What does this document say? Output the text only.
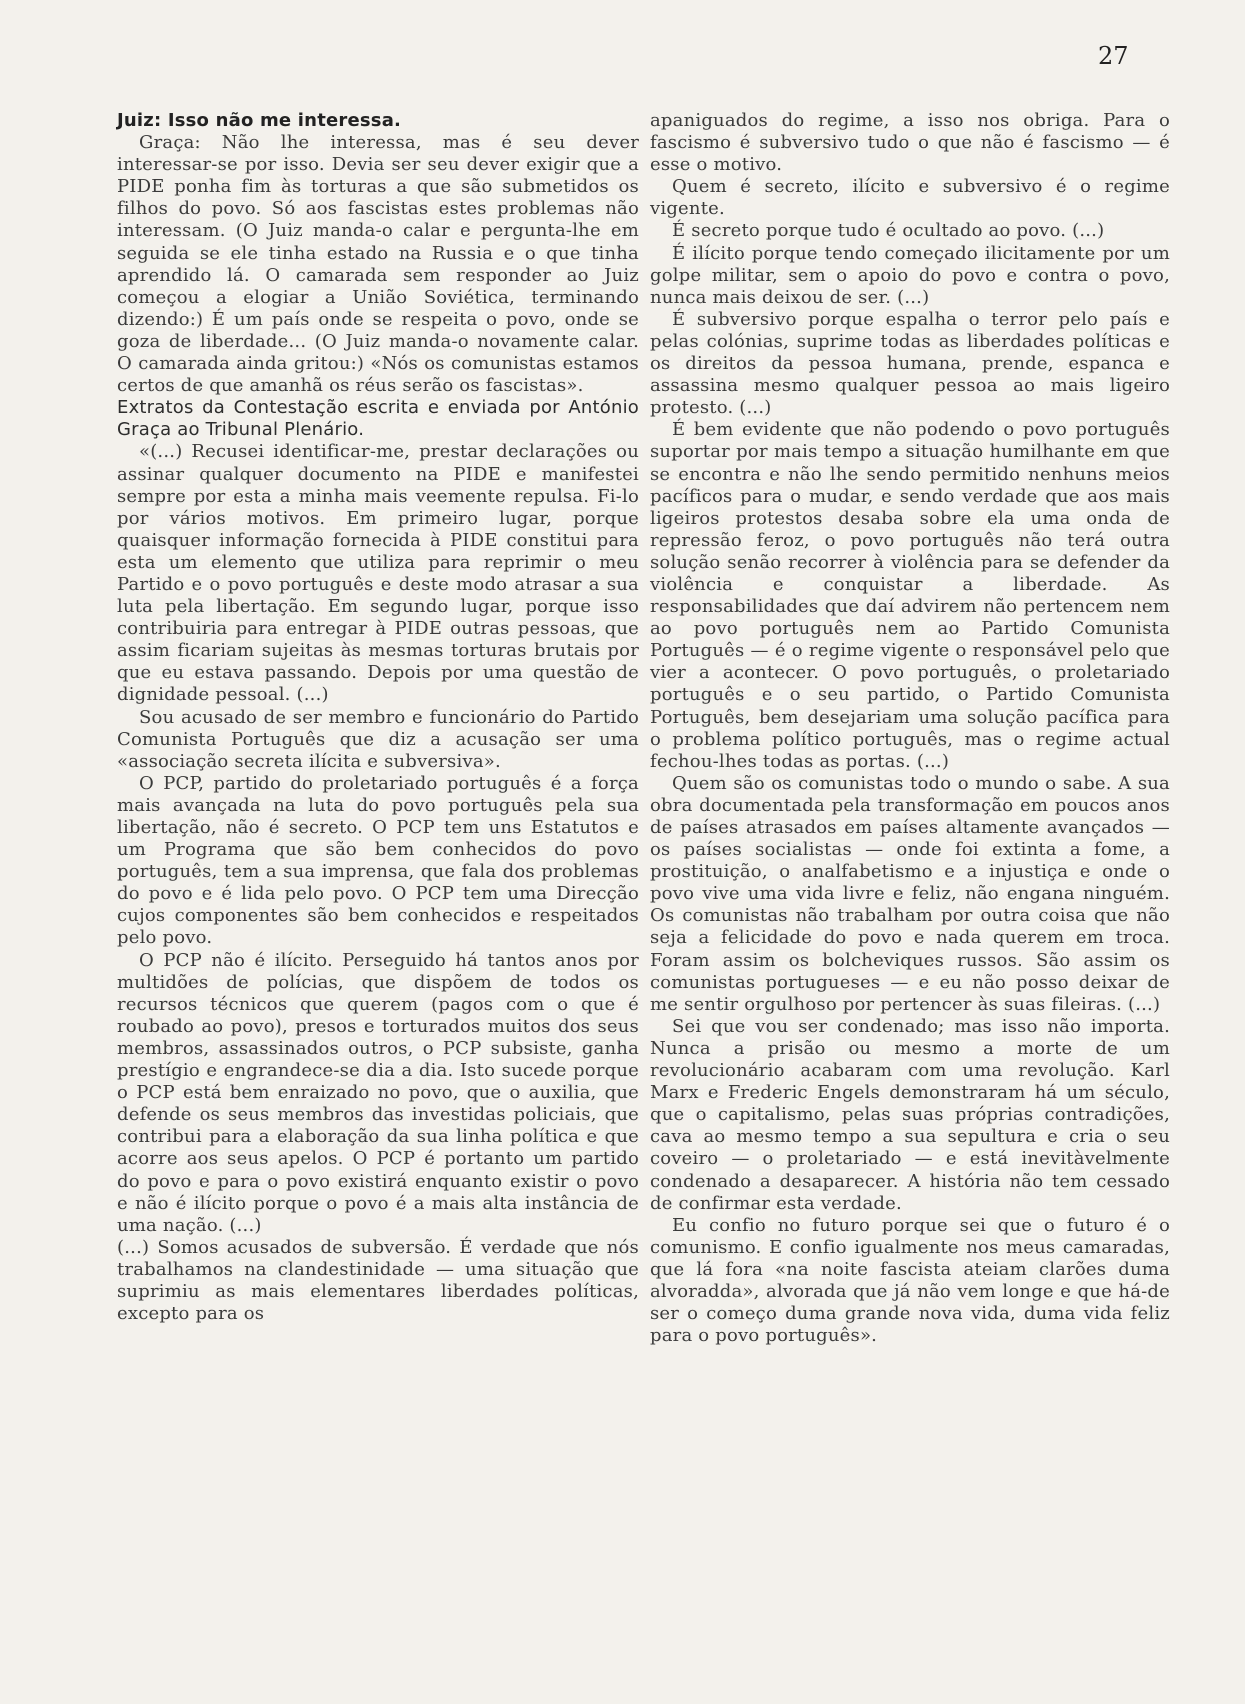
27

Juiz: Isso não me interessa.

Graça: Não lhe interessa, mas é seu dever interessar-se por isso. Devia ser seu dever exigir que a PIDE ponha fim às torturas a que são submetidos os filhos do povo. Só aos fascistas estes problemas não interessam. (O Juiz manda-o calar e pergunta-lhe em seguida se ele tinha estado na Russia e o que tinha aprendido lá. O camarada sem responder ao Juiz começou a elogiar a União Soviética, terminando dizendo:) É um país onde se respeita o povo, onde se goza de liberdade... (O Juiz manda-o novamente calar. O camarada ainda gritou:) «Nós os comunistas estamos certos de que amanhã os réus serão os fascistas».

Extratos da Contestação escrita e enviada por António Graça ao Tribunal Plenário.

«(...) Recusei identificar-me, prestar declarações ou assinar qualquer documento na PIDE e manifestei sempre por esta a minha mais veemente repulsa. Fi-lo por vários motivos. Em primeiro lugar, porque quaisquer informação fornecida à PIDE constitui para esta um elemento que utiliza para reprimir o meu Partido e o povo português e deste modo atrasar a sua luta pela libertação. Em segundo lugar, porque isso contribuiria para entregar à PIDE outras pessoas, que assim ficariam sujeitas às mesmas torturas brutais por que eu estava passando. Depois por uma questão de dignidade pessoal. (...)

Sou acusado de ser membro e funcionário do Partido Comunista Português que diz a acusação ser uma «associação secreta ilícita e subversiva».

O PCP, partido do proletariado português é a força mais avançada na luta do povo português pela sua libertação, não é secreto. O PCP tem uns Estatutos e um Programa que são bem conhecidos do povo português, tem a sua imprensa, que fala dos problemas do povo e é lida pelo povo. O PCP tem uma Direcção cujos componentes são bem conhecidos e respeitados pelo povo.

O PCP não é ilícito. Perseguido há tantos anos por multidões de polícias, que dispõem de todos os recursos técnicos que querem (pagos com o que é roubado ao povo), presos e torturados muitos dos seus membros, assassinados outros, o PCP subsiste, ganha prestígio e engrandece-se dia a dia. Isto sucede porque o PCP está bem enraizado no povo, que o auxilia, que defende os seus membros das investidas policiais, que contribui para a elaboração da sua linha política e que acorre aos seus apelos. O PCP é portanto um partido do povo e para o povo existirá enquanto existir o povo e não é ilícito porque o povo é a mais alta instância de uma nação. (...)

(...) Somos acusados de subversão. É verdade que nós trabalhamos na clandestinidade — uma situação que suprimiu as mais elementares liberdades políticas, excepto para os

apaniguados do regime, a isso nos obriga. Para o fascismo é subversivo tudo o que não é fascismo — é esse o motivo.

Quem é secreto, ilícito e subversivo é o regime vigente.

É secreto porque tudo é ocultado ao povo. (...)

É ilícito porque tendo começado ilicitamente por um golpe militar, sem o apoio do povo e contra o povo, nunca mais deixou de ser. (...)

É subversivo porque espalha o terror pelo país e pelas colónias, suprime todas as liberdades políticas e os direitos da pessoa humana, prende, espanca e assassina mesmo qualquer pessoa ao mais ligeiro protesto. (...)

É bem evidente que não podendo o povo português suportar por mais tempo a situação humilhante em que se encontra e não lhe sendo permitido nenhuns meios pacíficos para o mudar, e sendo verdade que aos mais ligeiros protestos desaba sobre ela uma onda de repressão feroz, o povo português não terá outra solução senão recorrer à violência para se defender da violência e conquistar a liberdade. As responsabilidades que daí advirem não pertencem nem ao povo português nem ao Partido Comunista Português — é o regime vigente o responsável pelo que vier a acontecer. O povo português, o proletariado português e o seu partido, o Partido Comunista Português, bem desejariam uma solução pacífica para o problema político português, mas o regime actual fechou-lhes todas as portas. (...)

Quem são os comunistas todo o mundo o sabe. A sua obra documentada pela transformação em poucos anos de países atrasados em países altamente avançados — os países socialistas — onde foi extinta a fome, a prostituição, o analfabetismo e a injustiça e onde o povo vive uma vida livre e feliz, não engana ninguém. Os comunistas não trabalham por outra coisa que não seja a felicidade do povo e nada querem em troca. Foram assim os bolcheviques russos. São assim os comunistas portugueses — e eu não posso deixar de me sentir orgulhoso por pertencer às suas fileiras. (...)

Sei que vou ser condenado; mas isso não importa. Nunca a prisão ou mesmo a morte de um revolucionário acabaram com uma revolução. Karl Marx e Frederic Engels demonstraram há um século, que o capitalismo, pelas suas próprias contradições, cava ao mesmo tempo a sua sepultura e cria o seu coveiro — o proletariado — e está inevitàvelmente condenado a desaparecer. A história não tem cessado de confirmar esta verdade.

Eu confio no futuro porque sei que o futuro é o comunismo. E confio igualmente nos meus camaradas, que lá fora «na noite fascista ateiam clarões duma alvoradda», alvorada que já não vem longe e que há-de ser o começo duma grande nova vida, duma vida feliz para o povo português».
